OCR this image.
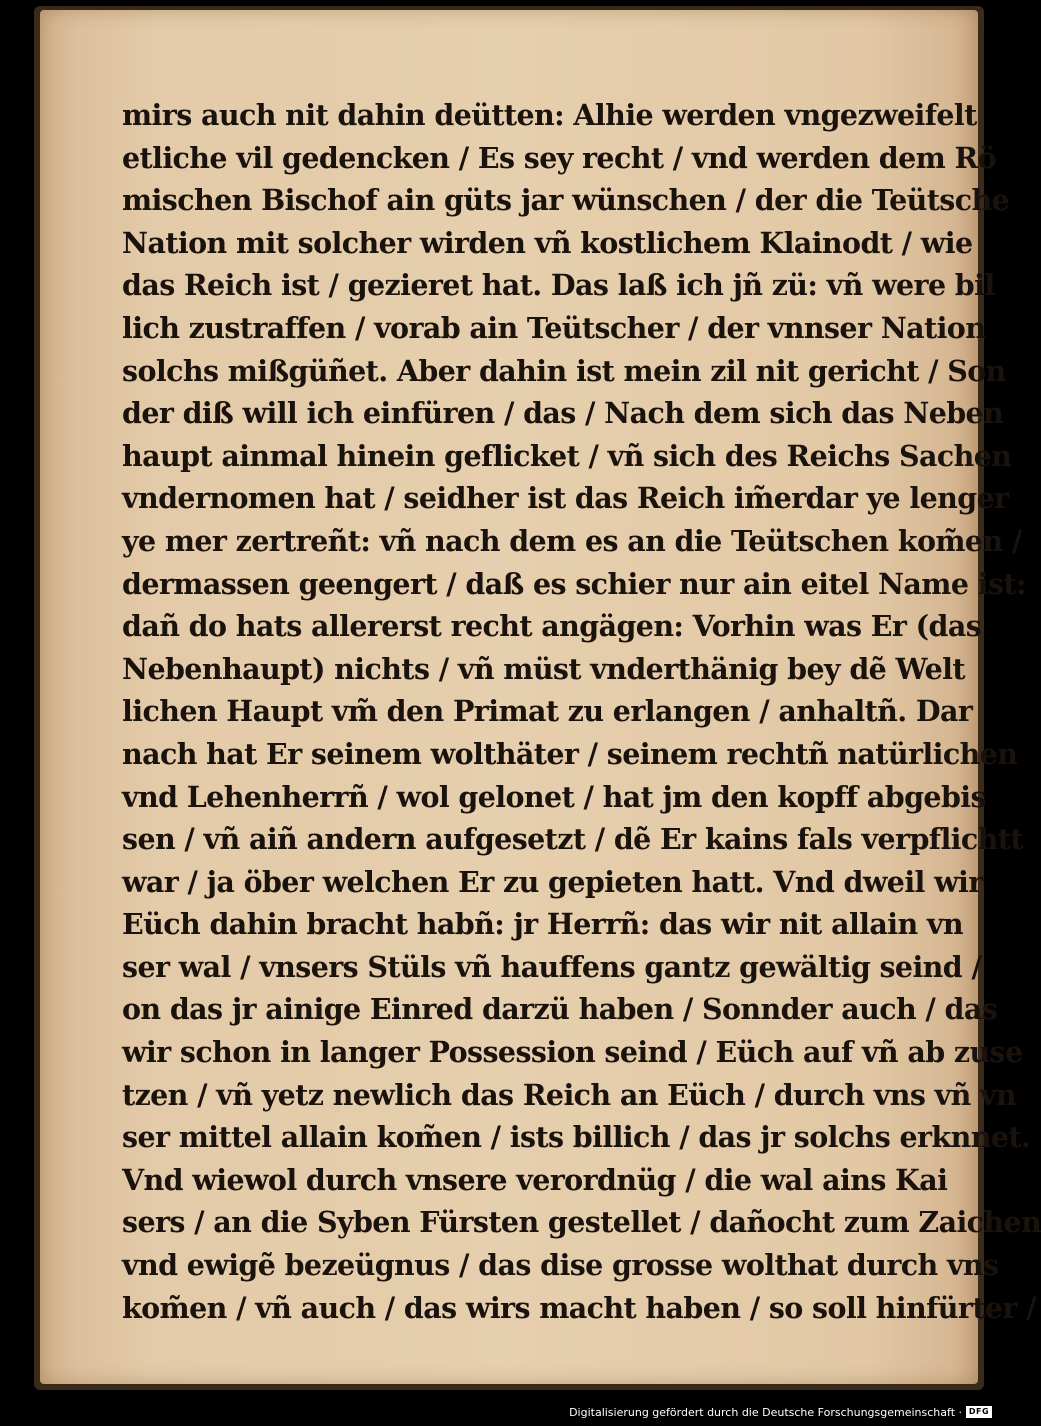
mirs auch nit dahin deütten: Alhie werden vngezweifelt
etliche vil gedencken / Es sey recht / vnd werden dem Rö
mischen Bischof ain güts jar wünschen / der die Teütsche
Nation mit solcher wirden vñ kostlichem Klainodt / wie
das Reich ist / gezieret hat. Das laß ich jñ zü: vñ were bil
lich zustraffen / vorab ain Teütscher / der vnnser Nation
solchs mißgüñet. Aber dahin ist mein zil nit gericht / Son
der diß will ich einfüren / das / Nach dem sich das Neben
haupt ainmal hinein geflicket / vñ sich des Reichs Sachen
vndernomen hat / seidher ist das Reich im̃erdar ye lenger
ye mer zertreñt: vñ nach dem es an die Teütschen kom̃en /
dermassen geengert / daß es schier nur ain eitel Name ist:
dañ do hats allererst recht angägen: Vorhin was Er (das
Nebenhaupt) nichts / vñ müst vnderthänig bey dẽ Welt
lichen Haupt vm̃ den Primat zu erlangen / anhaltñ. Dar
nach hat Er seinem wolthäter / seinem rechtñ natürlichen
vnd Lehenherrñ / wol gelonet / hat jm den kopff abgebis
sen / vñ aiñ andern aufgesetzt / dẽ Er kains fals verpflichtt
war / ja öber welchen Er zu gepieten hatt. Vnd dweil wir
Eüch dahin bracht habñ: jr Herrñ: das wir nit allain vn
ser wal / vnsers Stüls vñ hauffens gantz gewältig seind /
on das jr ainige Einred darzü haben / Sonnder auch / das
wir schon in langer Possession seind / Eüch auf vñ ab zuse
tzen / vñ yetz newlich das Reich an Eüch / durch vns vñ vn
ser mittel allain kom̃en / ists billich / das jr solchs erknnet.
Vnd wiewol durch vnsere verordnüg / die wal ains Kai
sers / an die Syben Fürsten gestellet / dañocht zum Zaichen
vnd ewigẽ bezeügnus / das dise grosse wolthat durch vns
kom̃en / vñ auch / das wirs macht haben / so soll hinfürter /
Digitalisierung gefördert durch die Deutsche Forschungsgemeinschaft · DFG
